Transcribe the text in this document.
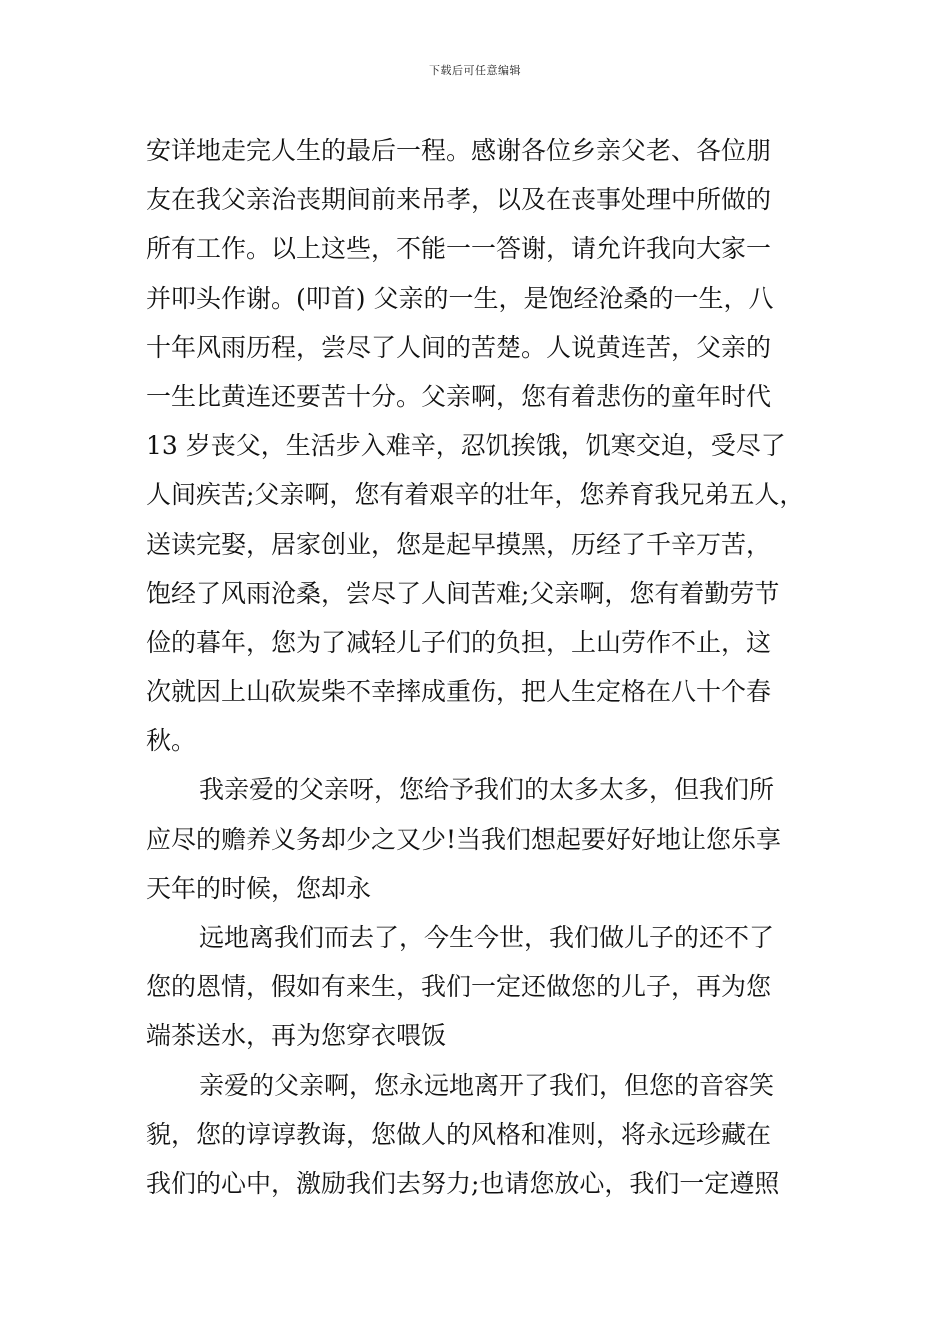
下载后可任意编辑
安详地走完人生的最后一程。感谢各位乡亲父老、各位朋
友在我父亲治丧期间前来吊孝，以及在丧事处理中所做的
所有工作。以上这些，不能一一答谢，请允许我向大家一
并叩头作谢。(叩首) 父亲的一生，是饱经沧桑的一生，八
十年风雨历程，尝尽了人间的苦楚。人说黄连苦，父亲的
一生比黄连还要苦十分。父亲啊，您有着悲伤的童年时代
13 岁丧父，生活步入难辛，忍饥挨饿，饥寒交迫，受尽了
人间疾苦;父亲啊，您有着艰辛的壮年，您养育我兄弟五人，
送读完娶，居家创业，您是起早摸黑，历经了千辛万苦，
饱经了风雨沧桑，尝尽了人间苦难;父亲啊，您有着勤劳节
俭的暮年，您为了减轻儿子们的负担，上山劳作不止，这
次就因上山砍炭柴不幸摔成重伤，把人生定格在八十个春
秋。
我亲爱的父亲呀，您给予我们的太多太多，但我们所
应尽的赡养义务却少之又少!当我们想起要好好地让您乐享
天年的时候，您却永
远地离我们而去了，今生今世，我们做儿子的还不了
您的恩情，假如有来生，我们一定还做您的儿子，再为您
端茶送水，再为您穿衣喂饭
亲爱的父亲啊，您永远地离开了我们，但您的音容笑
貌，您的谆谆教诲，您做人的风格和准则，将永远珍藏在
我们的心中，激励我们去努力;也请您放心，我们一定遵照
